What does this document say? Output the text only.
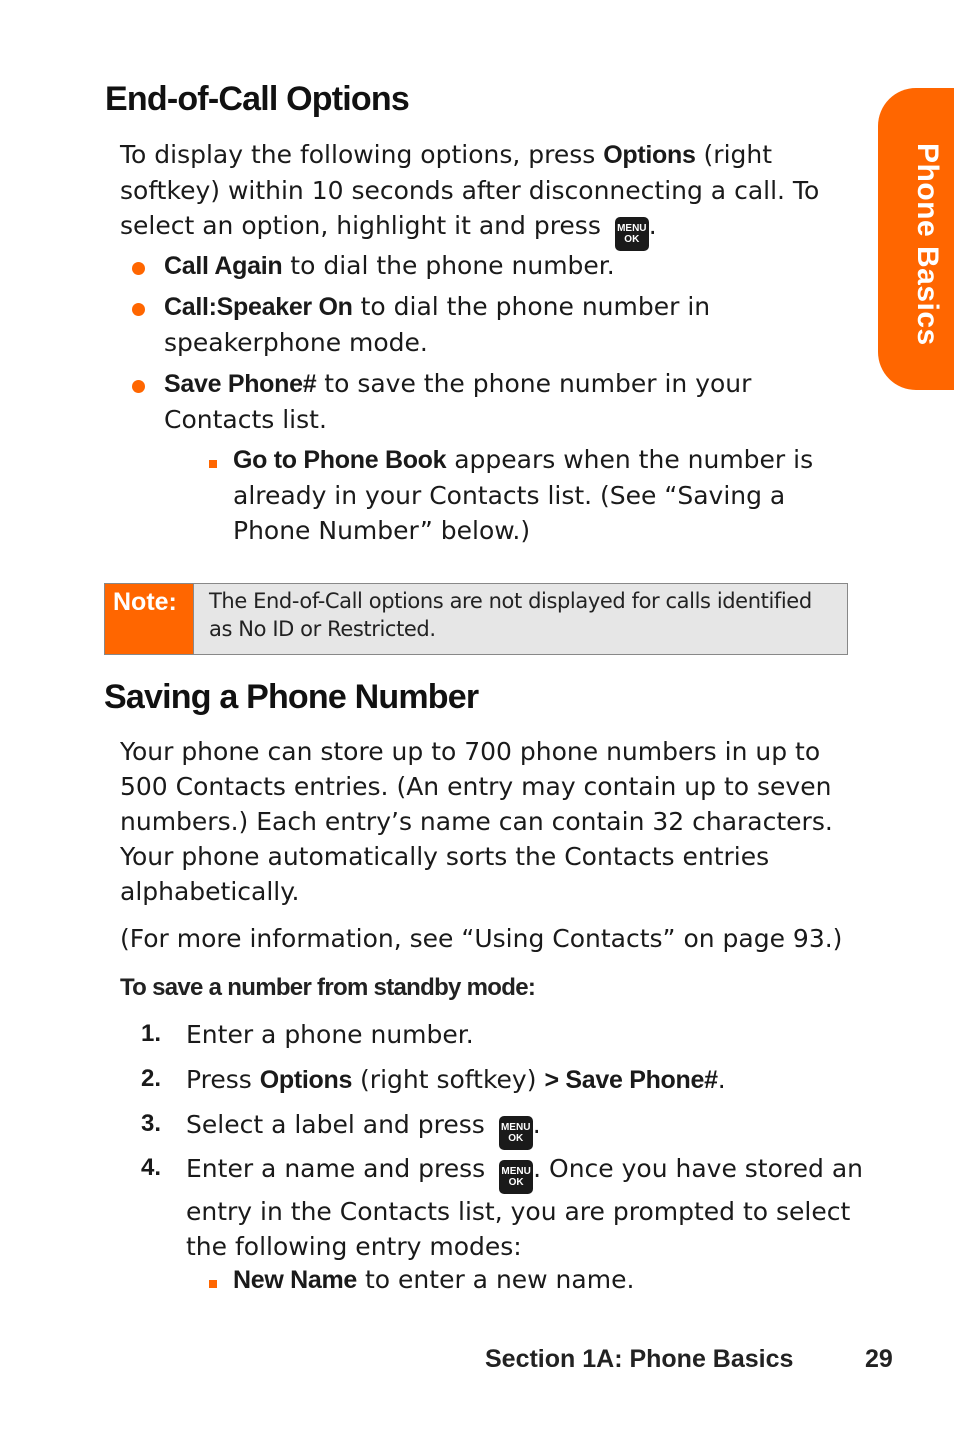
Phone Basics
End-of-Call Options

To display the following options, press Options (right softkey) within 10 seconds after disconnecting a call. To select an option, highlight it and press MENU
OK .

Call Again to dial the phone number.
Call:Speaker On to dial the phone number in speakerphone mode.
Save Phone# to save the phone number in your Contacts list.
Go to Phone Book appears when the number is already in your Contacts list. (See “Saving a Phone Number” below.)
Note:	The End-of-Call options are not displayed for calls identified as No ID or Restricted.
Saving a Phone Number

Your phone can store up to 700 phone numbers in up to 500 Contacts entries. (An entry may contain up to seven numbers.) Each entry’s name can contain 32 characters. Your phone automatically sorts the Contacts entries alphabetically.

(For more information, see “Using Contacts” on page 93.)

To save a number from standby mode:
1. Enter a phone number.
2. Press Options (right softkey) > Save Phone#.
3. Select a label and press MENU
OK .
4. Enter a name and press MENU
OK . Once you have stored an entry in the Contacts list, you are prompted to select the following entry modes:
New Name to enter a new name.
Section 1A: Phone Basics	29
